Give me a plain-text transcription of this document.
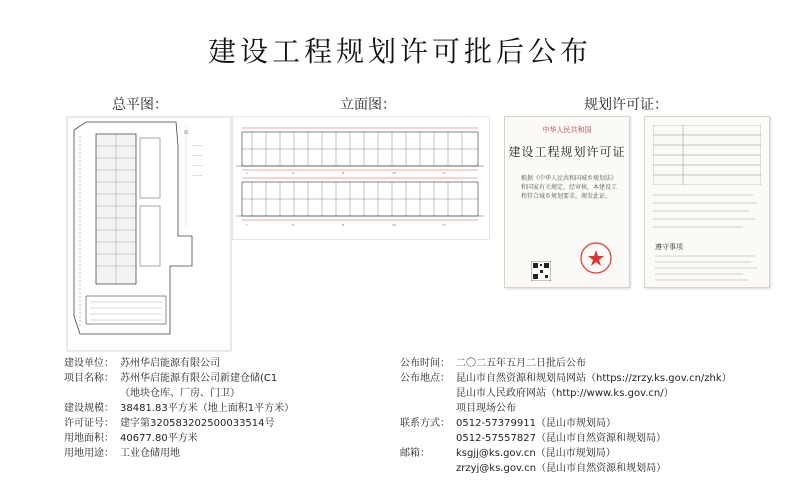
建设工程规划许可批后公布
总平图：	立面图：	规划许可证：
N
———
———
———
———	1	5	9	13	17
1	5	9	13	17
中华人民共和国
建设工程规划许可证
根据《中华人民共和国城乡规划法》和国家有关规定，经审核，本建设工程符合城乡规划要求，颁发此证。
遵守事项
建设单位： 苏州华启能源有限公司
项目名称： 苏州华启能源有限公司新建仓储(C1
（地块仓库、厂房、门卫）
建设规模： 38481.83平方米（地上面积1平方米）
许可证号： 建字第320583202500033514号
用地面积： 40677.80平方米
用地用途： 工业仓储用地
公布时间： 二〇二五年五月二日批后公布
公布地点： 昆山市自然资源和规划局网站（https://zrzy.ks.gov.cn/zhk）
昆山市人民政府网站（http://www.ks.gov.cn/）
项目现场公布
联系方式： 0512-57379911（昆山市规划局）
0512-57557827（昆山市自然资源和规划局）
邮箱：	ksgjj@ks.gov.cn（昆山市规划局）
zrzyj@ks.gov.cn（昆山市自然资源和规划局）
